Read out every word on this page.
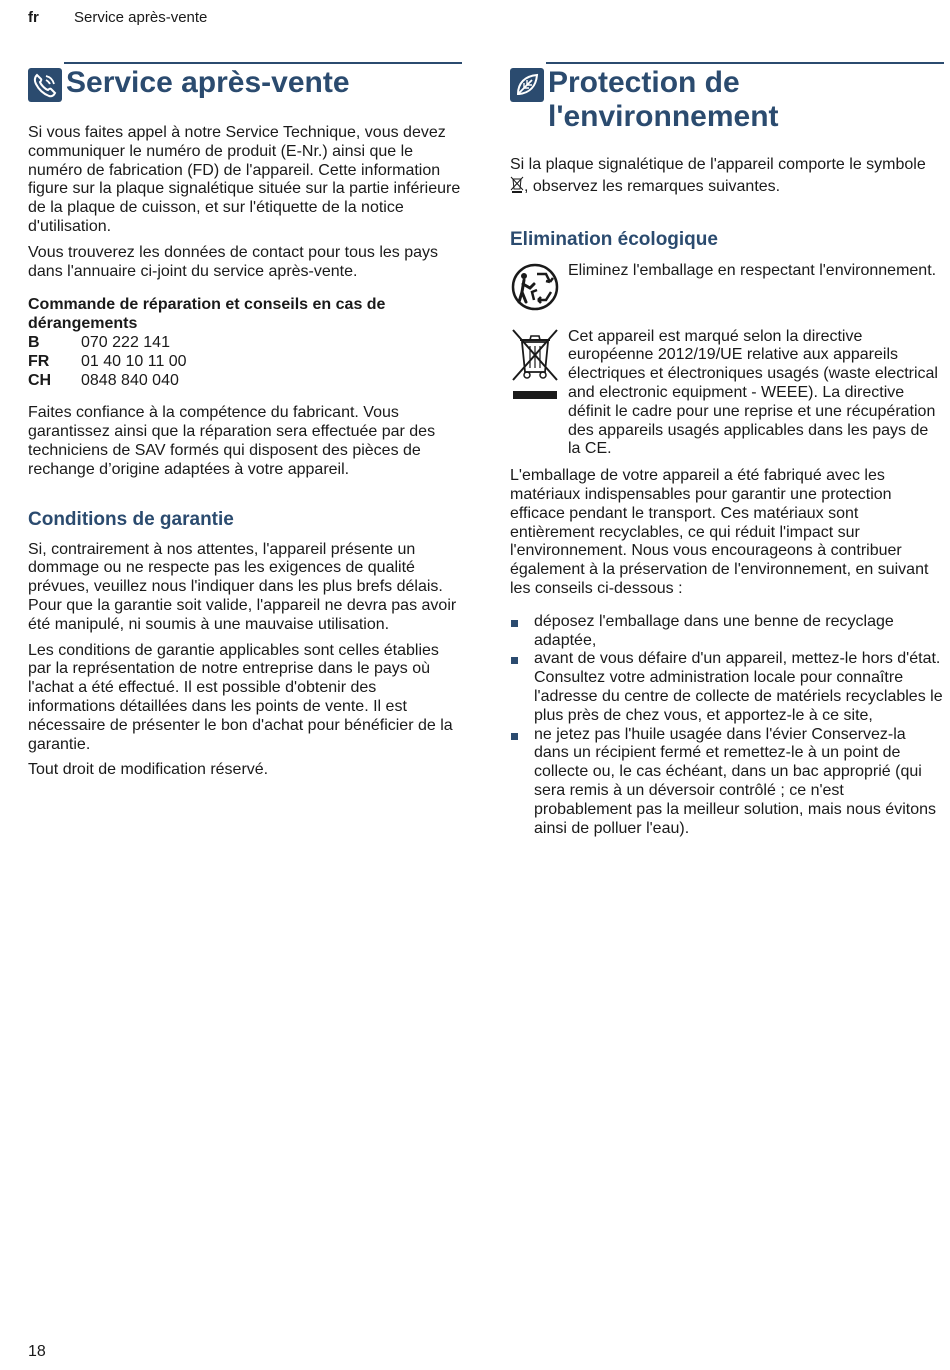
fr Service après-vente
Service après-vente

Si vous faites appel à notre Service Technique, vous devez communiquer le numéro de produit (E-Nr.) ainsi que le numéro de fabrication (FD) de l'appareil. Cette information figure sur la plaque signalétique située sur la partie inférieure de la plaque de cuisson, et sur l'étiquette de la notice d'utilisation.

Vous trouverez les données de contact pour tous les pays dans l'annuaire ci-joint du service après-vente.

Commande de réparation et conseils en cas de dérangements

B	070 222 141
FR	01 40 10 11 00
CH	0848 840 040

Faites confiance à la compétence du fabricant. Vous garantissez ainsi que la réparation sera effectuée par des techniciens de SAV formés qui disposent des pièces de rechange d’origine adaptées à votre appareil.

Conditions de garantie

Si, contrairement à nos attentes, l'appareil présente un dommage ou ne respecte pas les exigences de qualité prévues, veuillez nous l'indiquer dans les plus brefs délais. Pour que la garantie soit valide, l'appareil ne devra pas avoir été manipulé, ni soumis à une mauvaise utilisation.

Les conditions de garantie applicables sont celles établies par la représentation de notre entreprise dans le pays où l'achat a été effectué. Il est possible d'obtenir des informations détaillées dans les points de vente. Il est nécessaire de présenter le bon d'achat pour bénéficier de la garantie.

Tout droit de modification réservé.

Protection de
l'environnement

Si la plaque signalétique de l'appareil comporte le symbole , observez les remarques suivantes.

Elimination écologique

Eliminez l'emballage en respectant l'environnement.

Cet appareil est marqué selon la directive européenne 2012/19/UE relative aux appareils électriques et électroniques usagés (waste electrical and electronic equipment - WEEE). La directive définit le cadre pour une reprise et une récupération des appareils usagés applicables dans les pays de la CE.

L'emballage de votre appareil a été fabriqué avec les matériaux indispensables pour garantir une protection efficace pendant le transport. Ces matériaux sont entièrement recyclables, ce qui réduit l'impact sur l'environnement. Nous vous encourageons à contribuer également à la préservation de l'environnement, en suivant les conseils ci-dessous :

déposez l'emballage dans une benne de recyclage adaptée,
avant de vous défaire d'un appareil, mettez-le hors d'état. Consultez votre administration locale pour connaître l'adresse du centre de collecte de matériels recyclables le plus près de chez vous, et apportez-le à ce site,
ne jetez pas l'huile usagée dans l'évier Conservez-la dans un récipient fermé et remettez-le à un point de collecte ou, le cas échéant, dans un bac approprié (qui sera remis à un déversoir contrôlé ; ce n'est probablement pas la meilleur solution, mais nous évitons ainsi de polluer l'eau).
18
